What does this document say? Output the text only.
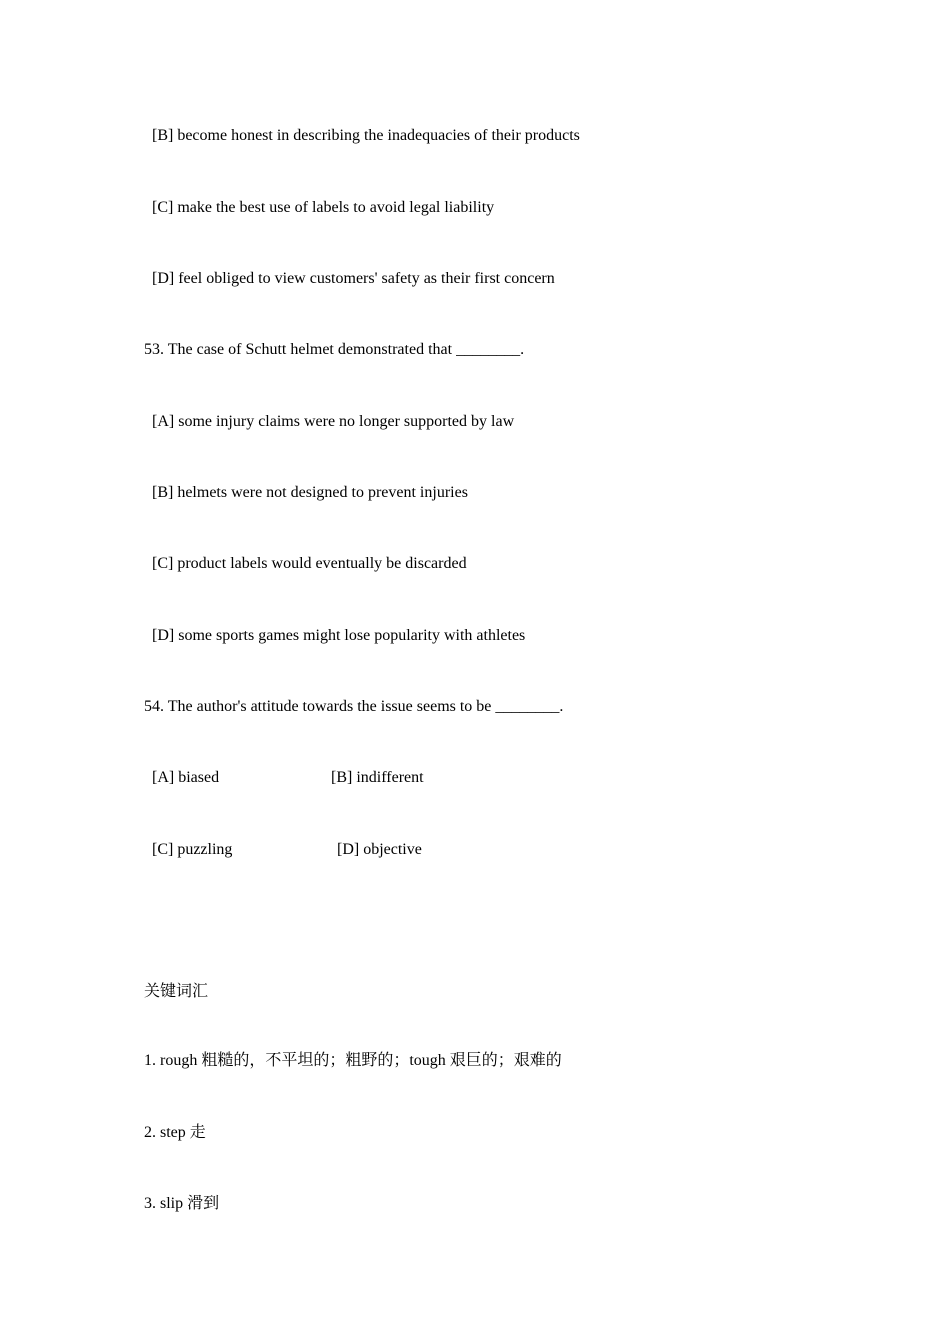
[B] become honest in describing the inadequacies of their products
[C] make the best use of labels to avoid legal liability
[D] feel obliged to view customers' safety as their first concern
53. The case of Schutt helmet demonstrated that ________.
[A] some injury claims were no longer supported by law
[B] helmets were not designed to prevent injuries
[C] product labels would eventually be discarded
[D] some sports games might lose popularity with athletes
54. The author's attitude towards the issue seems to be ________.
[A] biased	[B] indifferent
[C] puzzling	[D] objective
关键词汇
1. rough 粗糙的，不平坦的；粗野的；tough 艰巨的；艰难的
2. step 走
3. slip 滑到
